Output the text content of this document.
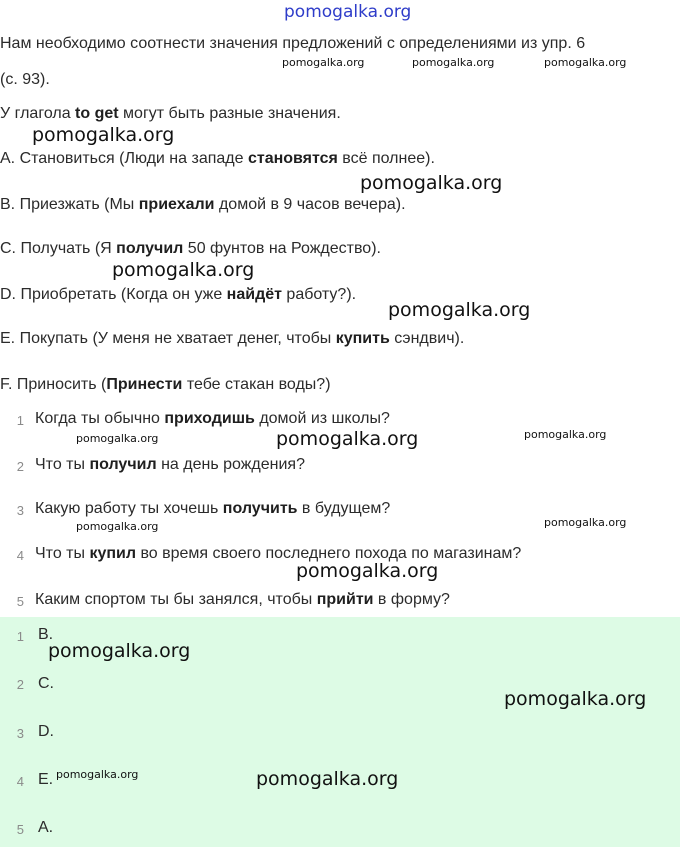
pomogalka.org
Нам необходимо соотнести значения предложений с определениями из упр. 6
(с. 93).
pomogalka.org	pomogalka.org	pomogalka.org
У глагола to get могут быть разные значения.
pomogalka.org
A. Становиться (Люди на западе становятся всё полнее).
pomogalka.org
B. Приезжать (Мы приехали домой в 9 часов вечера).
C. Получать (Я получил 50 фунтов на Рождество).
pomogalka.org
D. Приобретать (Когда он уже найдёт работу?).
pomogalka.org
E. Покупать (У меня не хватает денег, чтобы купить сэндвич).
F. Приносить (Принести тебе стакан воды?)
1 Когда ты обычно приходишь домой из школы?
pomogalka.org	pomogalka.org	pomogalka.org
2 Что ты получил на день рождения?
3 Какую работу ты хочешь получить в будущем?
pomogalka.org	pomogalka.org
4 Что ты купил во время своего последнего похода по магазинам?
pomogalka.org
5 Каким спортом ты бы занялся, чтобы прийти в форму?
1 B.
pomogalka.org
2 C.
pomogalka.org
3 D.
4 E. pomogalka.org	pomogalka.org
5 A.
